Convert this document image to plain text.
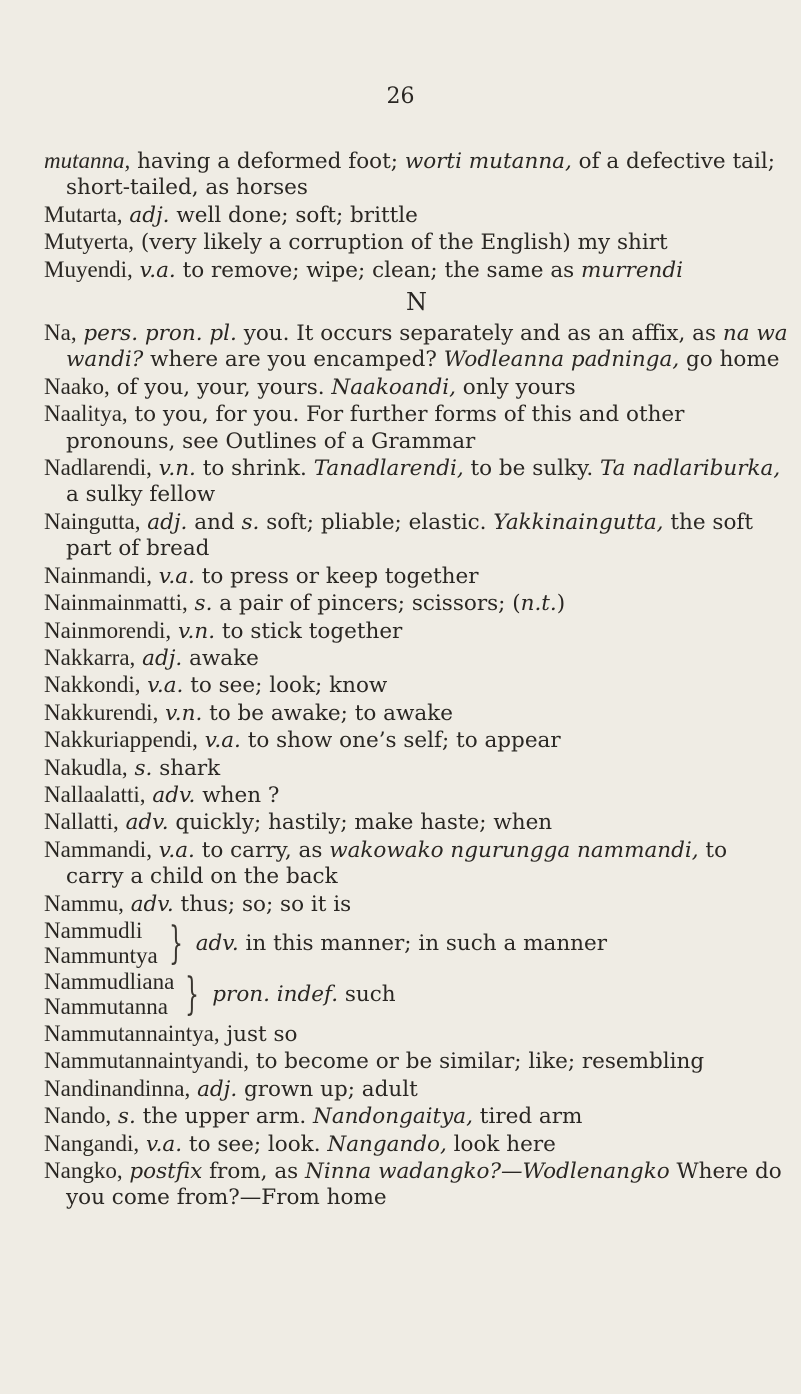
26

mutanna, having a deformed foot; worti mutanna, of a defective tail; short-tailed, as horses

Mutarta, adj. well done; soft; brittle

Mutyerta, (very likely a corruption of the English) my shirt

Muyendi, v.a. to remove; wipe; clean; the same as murrendi

N

Na, pers. pron. pl. you. It occurs separately and as an affix, as na wa wandi? where are you encamped? Wodleanna padninga, go home

Naako, of you, your, yours. Naakoandi, only yours

Naalitya, to you, for you. For further forms of this and other pronouns, see Outlines of a Grammar

Nadlarendi, v.n. to shrink. Tanadlarendi, to be sulky. Ta nadlariburka, a sulky fellow

Naingutta, adj. and s. soft; pliable; elastic. Yakkinaingutta, the soft part of bread

Nainmandi, v.a. to press or keep together

Nainmainmatti, s. a pair of pincers; scissors; (n.t.)

Nainmorendi, v.n. to stick together

Nakkarra, adj. awake

Nakkondi, v.a. to see; look; know

Nakkurendi, v.n. to be awake; to awake

Nakkuriappendi, v.a. to show one’s self; to appear

Nakudla, s. shark

Nallaalatti, adv. when ?

Nallatti, adv. quickly; hastily; make haste; when

Nammandi, v.a. to carry, as wakowako ngurungga nammandi, to carry a child on the back

Nammu, adv. thus; so; so it is

Nammudli

Nammuntya } adv. in this manner; in such a manner

Nammudliana

Nammutanna } pron. indef. such

Nammutannaintya, just so

Nammutannaintyandi, to become or be similar; like; resembling

Nandinandinna, adj. grown up; adult

Nando, s. the upper arm. Nandongaitya, tired arm

Nangandi, v.a. to see; look. Nangando, look here

Nangko, postfix from, as Ninna wadangko?—Wodlenangko Where do you come from?—From home
